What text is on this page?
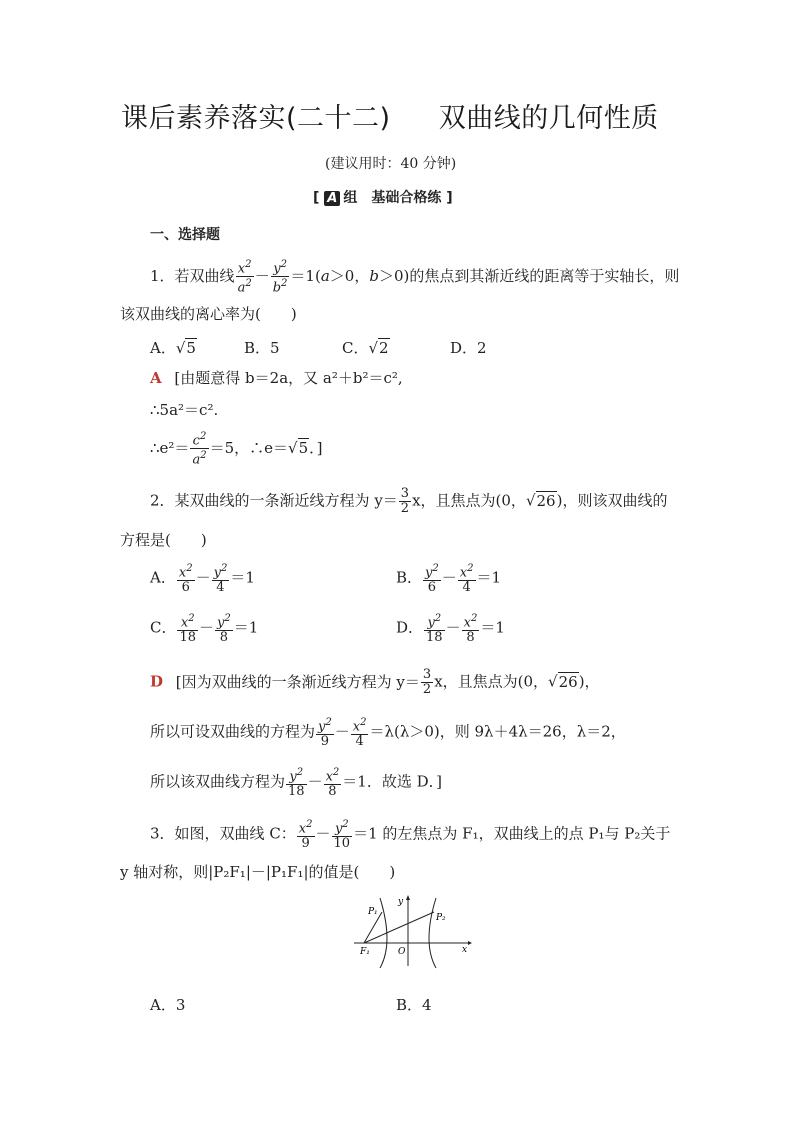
课后素养落实(二十二) 双曲线的几何性质
(建议用时：40 分钟)
[ A 组　基础合格练 ]
一、选择题
1．若双曲线 $\frac{x^2}{a^2} - \frac{y^2}{b^2} =1(a>0$，b＞0)的焦点到其渐近线的距离等于实轴长，则
该双曲线的离心率为(　　)
A．√5	B．5	C．√2	D．2
A [由题意得 b＝2a，又 a²＋b²＝c²,
∴5a²＝c².
∴e²＝ $\frac{c^2}{a^2} =5$，∴e＝√5．]
2．某双曲线的一条渐近线方程为 $y= \frac{3}{2}$ x，且焦点为(0，√26)，则该双曲线的
方程是(　　)
A． $\frac{x^2}{6} - \frac{y^2}{4} =1$	B． $\frac{y^2}{6} - \frac{x^2}{4} =1$
C． $\frac{x^2}{18} - \frac{y^2}{8} =1$	D． $\frac{y^2}{18} - \frac{x^2}{8} =1$
D [因为双曲线的一条渐近线方程为 $y= \frac{3}{2}$ x，且焦点为(0，√26)，
所以可设双曲线的方程为 $\frac{y^2}{9} - \frac{x^2}{4} =\lambda(\lambda>0)$，则 9λ＋4λ＝26，λ＝2，
所以该双曲线方程为 $\frac{y^2}{18} - \frac{x^2}{8} =1$．故选 D．]
3．如图，双曲线 C： $\frac{x^2}{9} - \frac{y^2}{10} =1$ 的左焦点为 F₁，双曲线上的点 P₁与 P₂关于
y 轴对称，则|P₂F₁|－|P₁F₁|的值是(　　)
P₁
P₂
F₁	O	x
y
A．3	B．4
